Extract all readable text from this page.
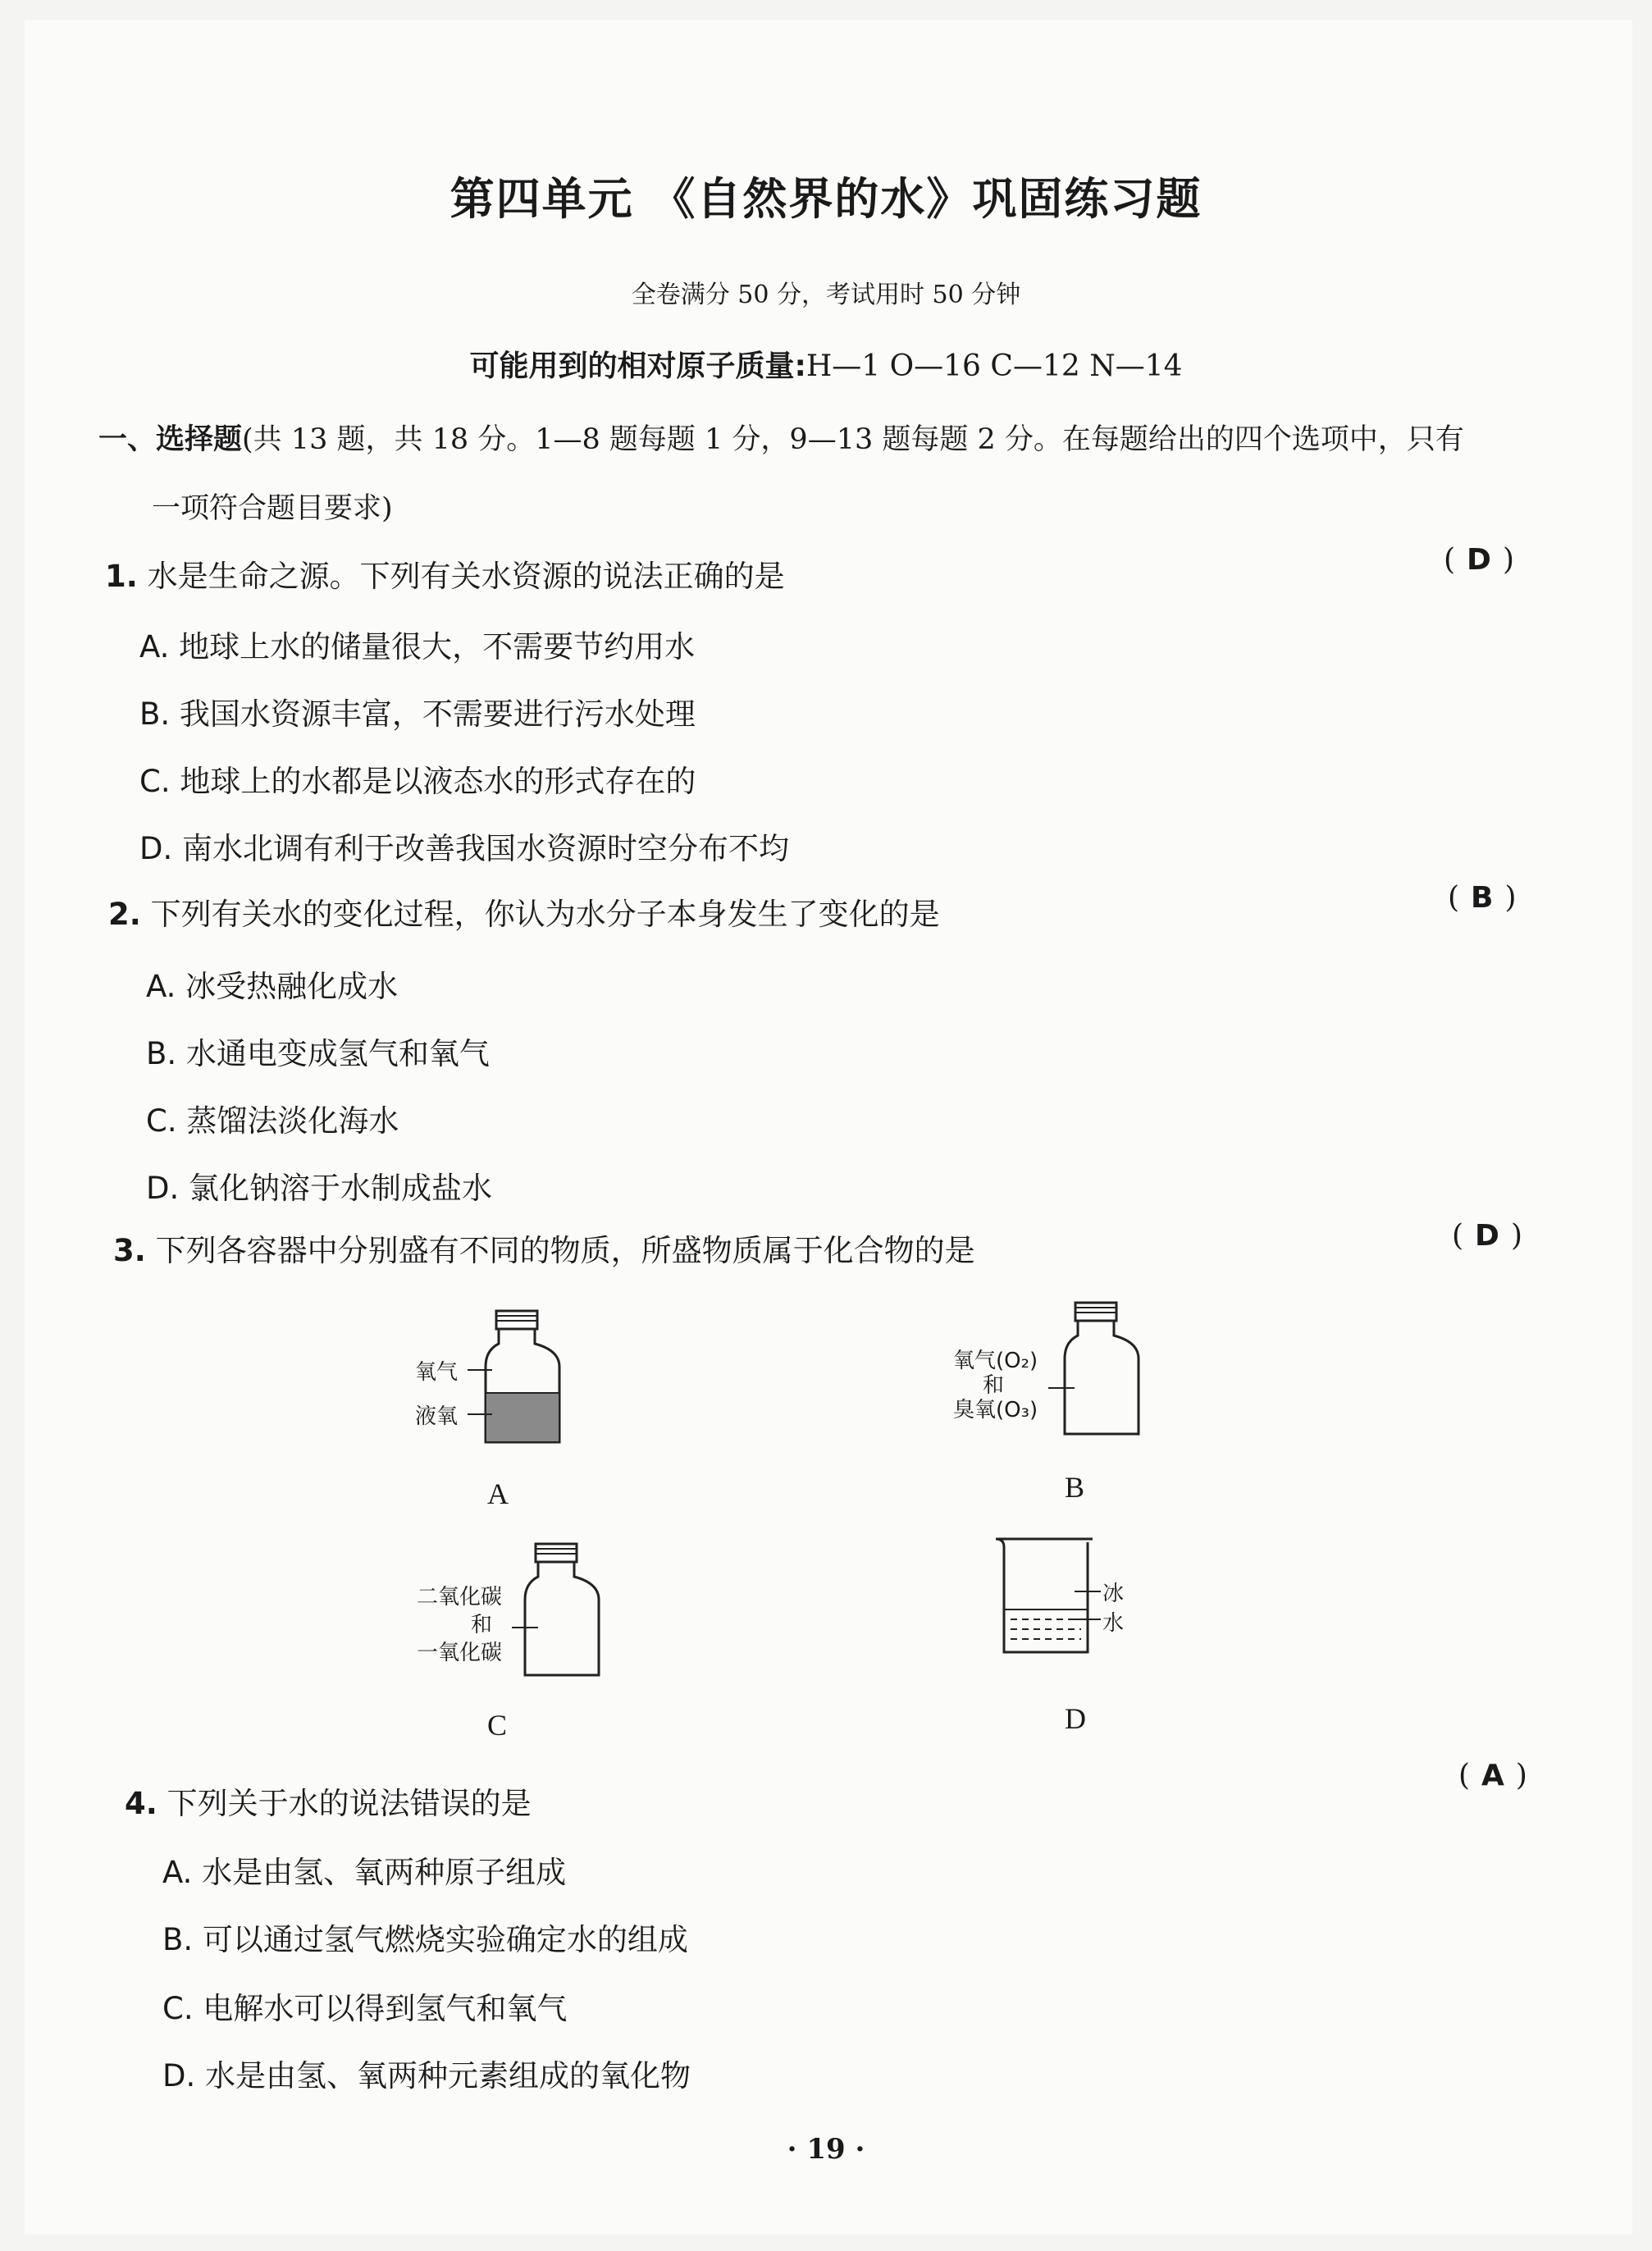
第四单元 《自然界的水》巩固练习题
全卷满分 50 分，考试用时 50 分钟
可能用到的相对原子质量:H—1 O—16 C—12 N—14
一、选择题(共 13 题，共 18 分。1—8 题每题 1 分，9—13 题每题 2 分。在每题给出的四个选项中，只有
一项符合题目要求)
1. 水是生命之源。下列有关水资源的说法正确的是	( D )
A. 地球上水的储量很大，不需要节约用水
B. 我国水资源丰富，不需要进行污水处理
C. 地球上的水都是以液态水的形式存在的
D. 南水北调有利于改善我国水资源时空分布不均
2. 下列有关水的变化过程，你认为水分子本身发生了变化的是	( B )
A. 冰受热融化成水
B. 水通电变成氢气和氧气
C. 蒸馏法淡化海水
D. 氯化钠溶于水制成盐水
3. 下列各容器中分别盛有不同的物质，所盛物质属于化合物的是	( D )
氧气
液氧
A
氧气(O₂)
和
臭氧(O₃)
B
二氧化碳
和
一氧化碳
C
冰
水
D
4. 下列关于水的说法错误的是
( A )
A. 水是由氢、氧两种原子组成
B. 可以通过氢气燃烧实验确定水的组成
C. 电解水可以得到氢气和氧气
D. 水是由氢、氧两种元素组成的氧化物
· 19 ·
